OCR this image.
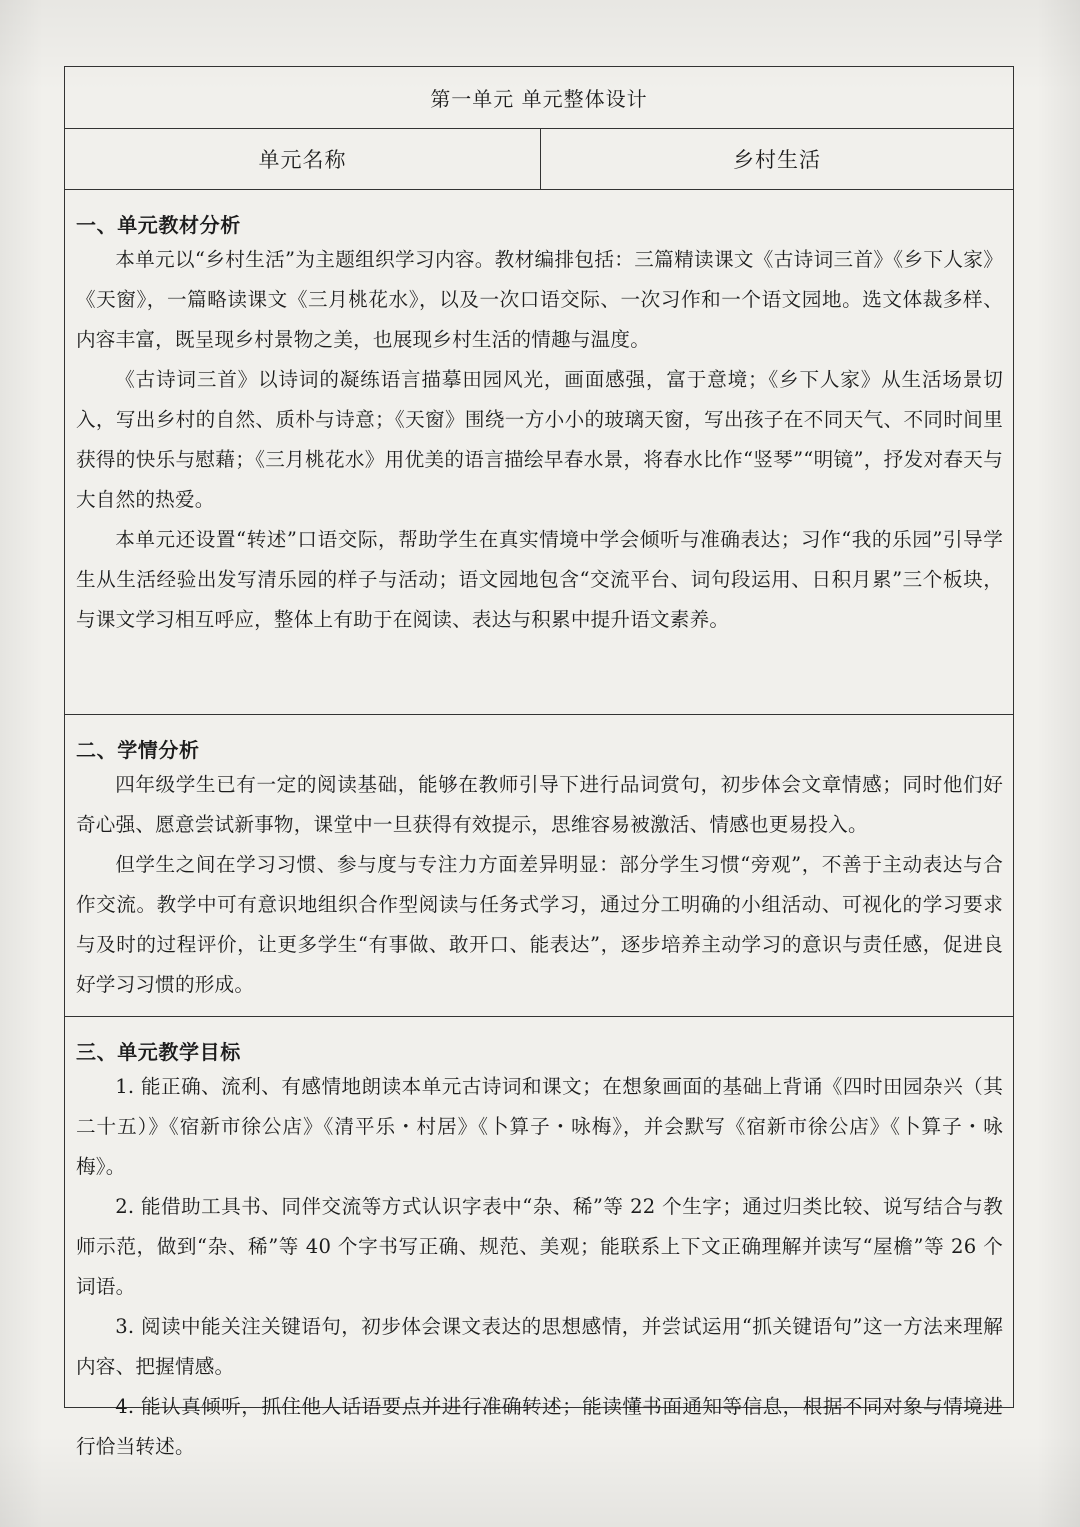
第一单元 单元整体设计
单元名称	乡村生活
一、单元教材分析

本单元以“乡村生活”为主题组织学习内容。教材编排包括：三篇精读课文《古诗词三首》《乡下人家》《天窗》，一篇略读课文《三月桃花水》，以及一次口语交际、一次习作和一个语文园地。选文体裁多样、内容丰富，既呈现乡村景物之美，也展现乡村生活的情趣与温度。

《古诗词三首》以诗词的凝练语言描摹田园风光，画面感强，富于意境；《乡下人家》从生活场景切入，写出乡村的自然、质朴与诗意；《天窗》围绕一方小小的玻璃天窗，写出孩子在不同天气、不同时间里获得的快乐与慰藉；《三月桃花水》用优美的语言描绘早春水景，将春水比作“竖琴”“明镜”，抒发对春天与大自然的热爱。

本单元还设置“转述”口语交际，帮助学生在真实情境中学会倾听与准确表达；习作“我的乐园”引导学生从生活经验出发写清乐园的样子与活动；语文园地包含“交流平台、词句段运用、日积月累”三个板块，与课文学习相互呼应，整体上有助于在阅读、表达与积累中提升语文素养。

二、学情分析

四年级学生已有一定的阅读基础，能够在教师引导下进行品词赏句，初步体会文章情感；同时他们好奇心强、愿意尝试新事物，课堂中一旦获得有效提示，思维容易被激活、情感也更易投入。

但学生之间在学习习惯、参与度与专注力方面差异明显：部分学生习惯“旁观”，不善于主动表达与合作交流。教学中可有意识地组织合作型阅读与任务式学习，通过分工明确的小组活动、可视化的学习要求与及时的过程评价，让更多学生“有事做、敢开口、能表达”，逐步培养主动学习的意识与责任感，促进良好学习习惯的形成。

三、单元教学目标

1. 能正确、流利、有感情地朗读本单元古诗词和课文；在想象画面的基础上背诵《四时田园杂兴（其二十五）》《宿新市徐公店》《清平乐・村居》《卜算子・咏梅》，并会默写《宿新市徐公店》《卜算子・咏梅》。

2. 能借助工具书、同伴交流等方式认识字表中“杂、稀”等 22 个生字；通过归类比较、说写结合与教师示范，做到“杂、稀”等 40 个字书写正确、规范、美观；能联系上下文正确理解并读写“屋檐”等 26 个词语。

3. 阅读中能关注关键语句，初步体会课文表达的思想感情，并尝试运用“抓关键语句”这一方法来理解内容、把握情感。

4. 能认真倾听，抓住他人话语要点并进行准确转述；能读懂书面通知等信息，根据不同对象与情境进行恰当转述。
